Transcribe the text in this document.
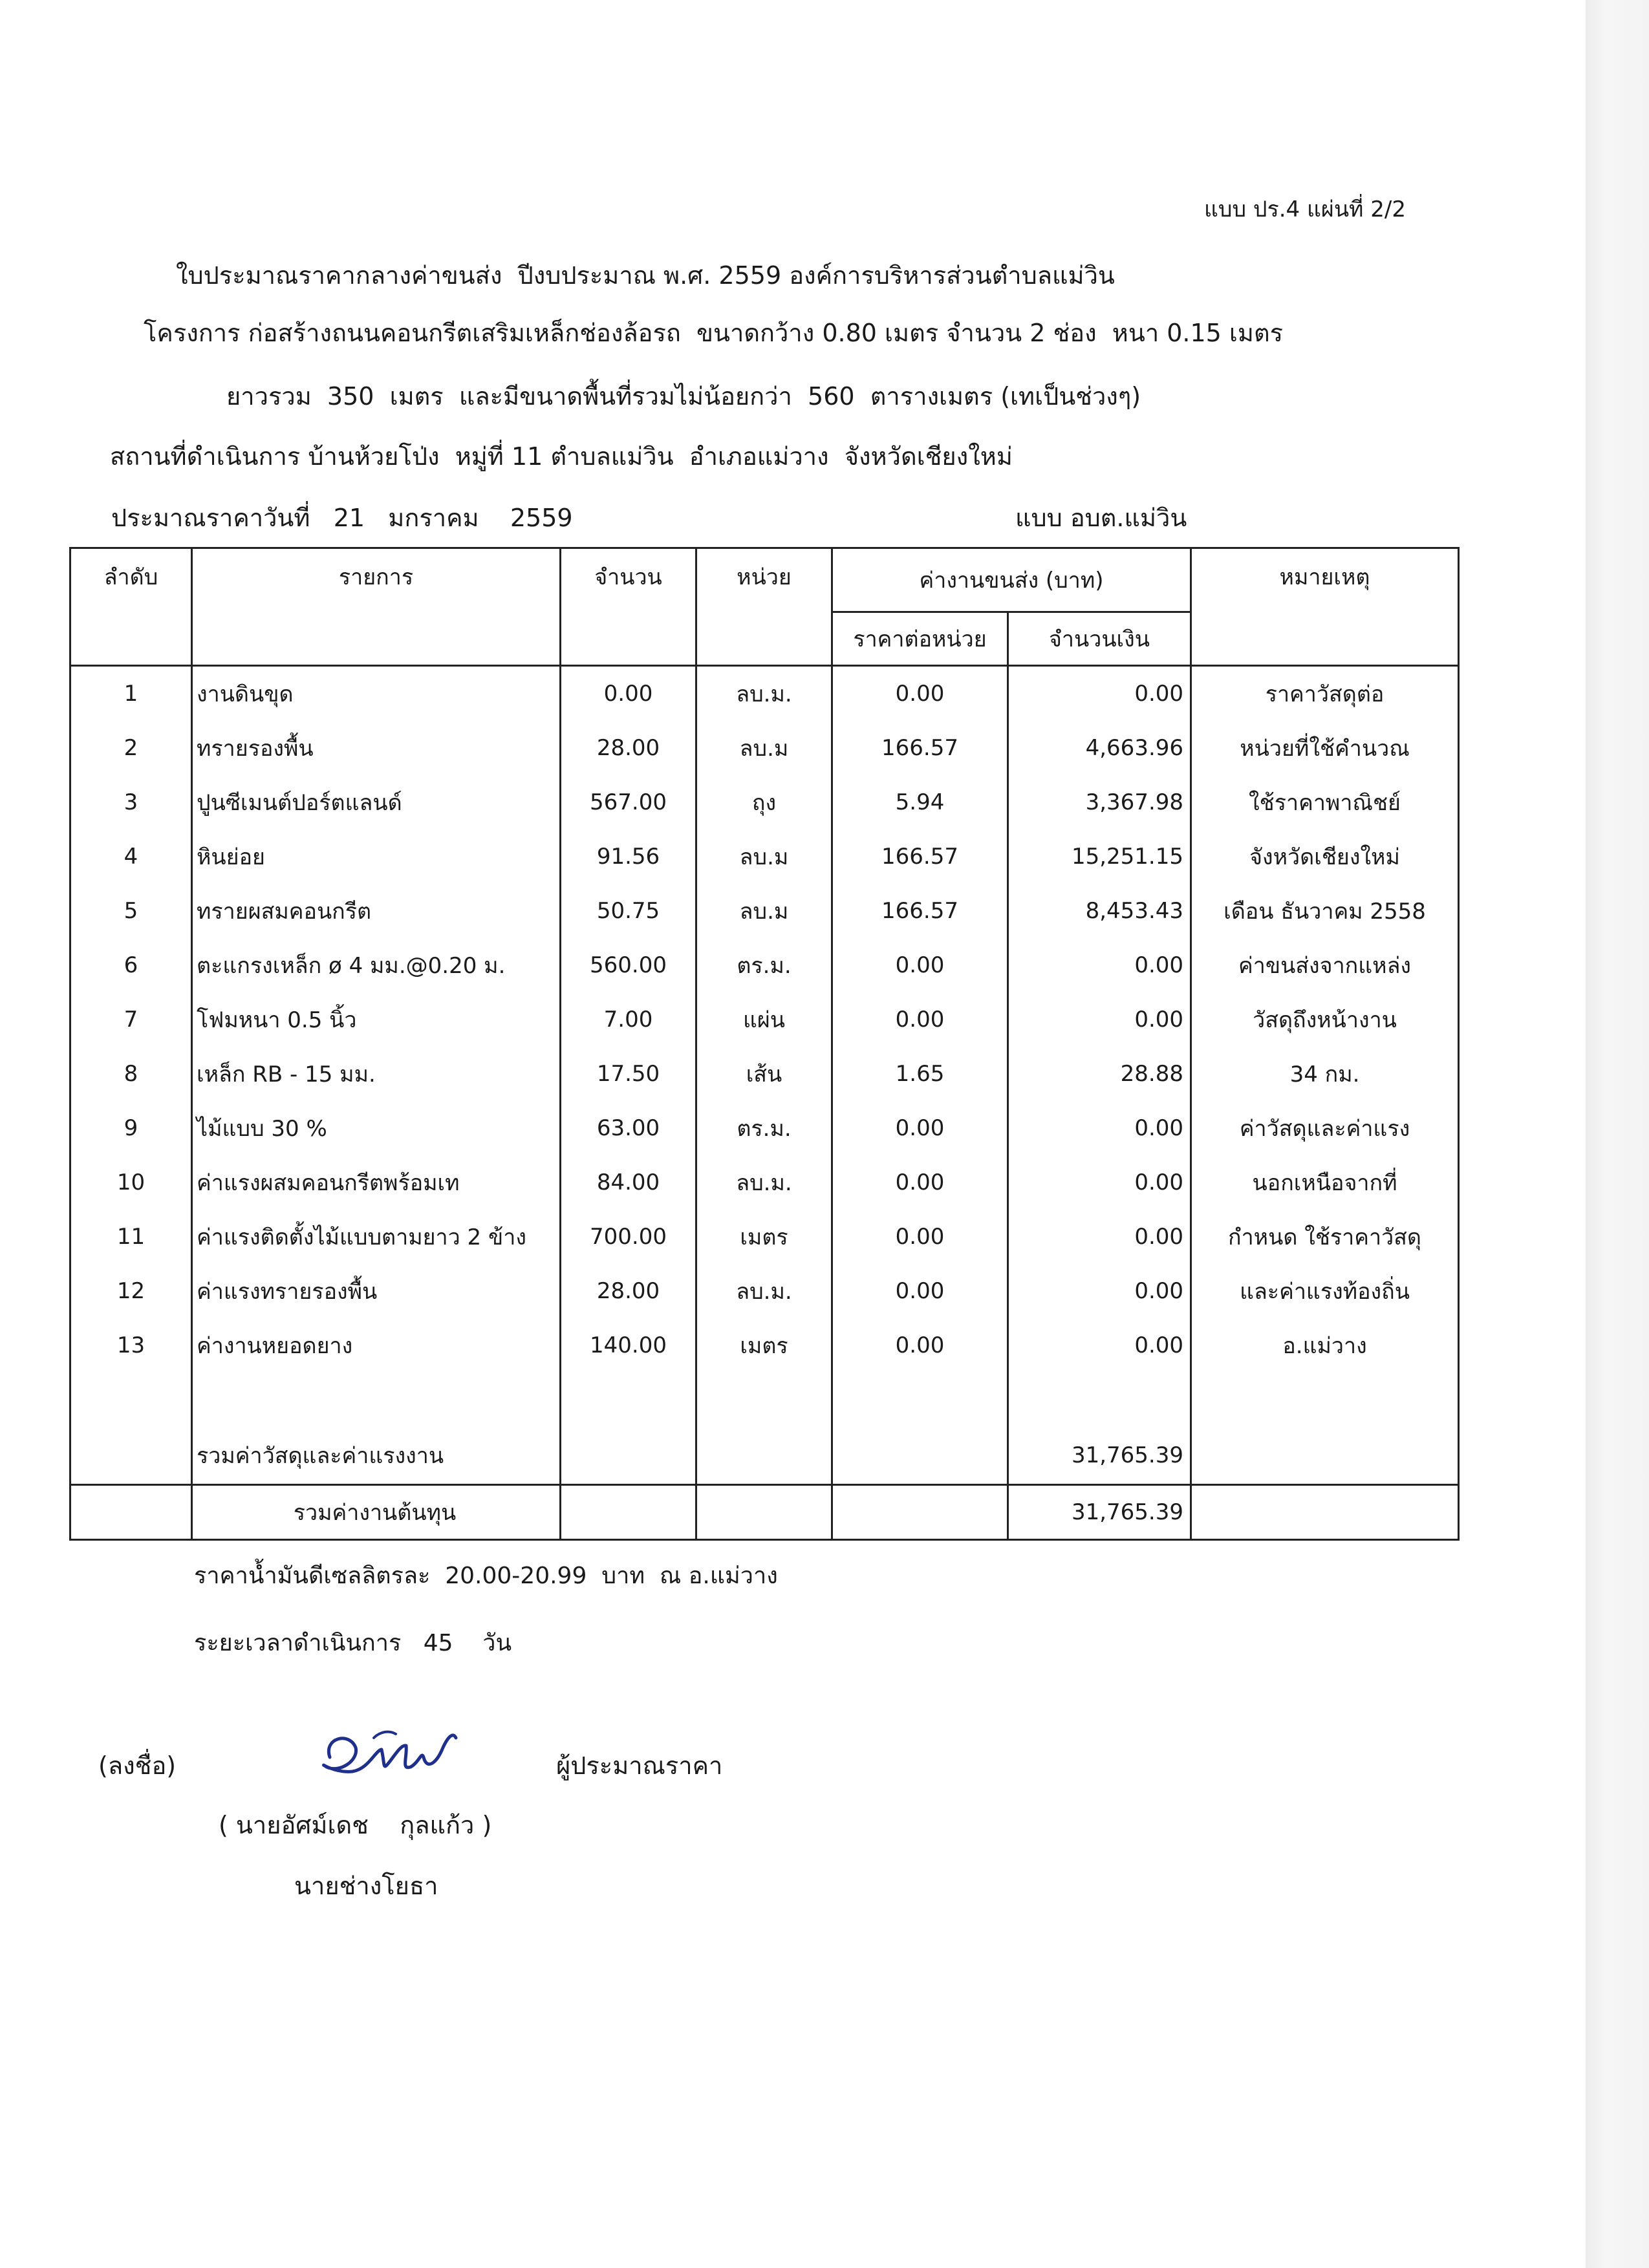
แบบ ปร.4 แผ่นที่ 2/2
ใบประมาณราคากลางค่าขนส่ง  ปีงบประมาณ พ.ศ. 2559 องค์การบริหารส่วนตำบลแม่วิน
โครงการ ก่อสร้างถนนคอนกรีตเสริมเหล็กช่องล้อรถ  ขนาดกว้าง 0.80 เมตร จำนวน 2 ช่อง  หนา 0.15 เมตร
ยาวรวม  350  เมตร  และมีขนาดพื้นที่รวมไม่น้อยกว่า  560  ตารางเมตร (เทเป็นช่วงๆ)
สถานที่ดำเนินการ บ้านห้วยโป่ง  หมู่ที่ 11 ตำบลแม่วิน  อำเภอแม่วาง  จังหวัดเชียงใหม่
ประมาณราคาวันที่   21   มกราคม    2559	แบบ อบต.แม่วิน
ลำดับ	รายการ	จำนวน	หน่วย	ค่างานขนส่ง (บาท)		หมายเหตุ
				ราคาต่อหน่วย	จำนวนเงิน	
1	งานดินขุด	0.00	ลบ.ม.	0.00	0.00	ราคาวัสดุต่อ
2	ทรายรองพื้น	28.00	ลบ.ม	166.57	4,663.96	หน่วยที่ใช้คำนวณ
3	ปูนซีเมนต์ปอร์ตแลนด์	567.00	ถุง	5.94	3,367.98	ใช้ราคาพาณิชย์
4	หินย่อย	91.56	ลบ.ม	166.57	15,251.15	จังหวัดเชียงใหม่
5	ทรายผสมคอนกรีต	50.75	ลบ.ม	166.57	8,453.43	เดือน ธันวาคม 2558
6	ตะแกรงเหล็ก ø 4 มม.@0.20 ม.	560.00	ตร.ม.	0.00	0.00	ค่าขนส่งจากแหล่ง
7	โฟมหนา 0.5 นิ้ว	7.00	แผ่น	0.00	0.00	วัสดุถึงหน้างาน
8	เหล็ก RB - 15 มม.	17.50	เส้น	1.65	28.88	34 กม.
9	ไม้แบบ 30 %	63.00	ตร.ม.	0.00	0.00	ค่าวัสดุและค่าแรง
10	ค่าแรงผสมคอนกรีตพร้อมเท	84.00	ลบ.ม.	0.00	0.00	นอกเหนือจากที่
11	ค่าแรงติดตั้งไม้แบบตามยาว 2 ข้าง	700.00	เมตร	0.00	0.00	กำหนด ใช้ราคาวัสดุ
12	ค่าแรงทรายรองพื้น	28.00	ลบ.ม.	0.00	0.00	และค่าแรงท้องถิ่น
13	ค่างานหยอดยาง	140.00	เมตร	0.00	0.00	อ.แม่วาง

	รวมค่าวัสดุและค่าแรงงาน				31,765.39	
	รวมค่างานต้นทุน				31,765.39	
ราคาน้ำมันดีเซลลิตรละ  20.00-20.99  บาท  ณ อ.แม่วาง
ระยะเวลาดำเนินการ   45    วัน
(ลงชื่อ)	ผู้ประมาณราคา
( นายอัศม์เดช    กุลแก้ว )
นายช่างโยธา
